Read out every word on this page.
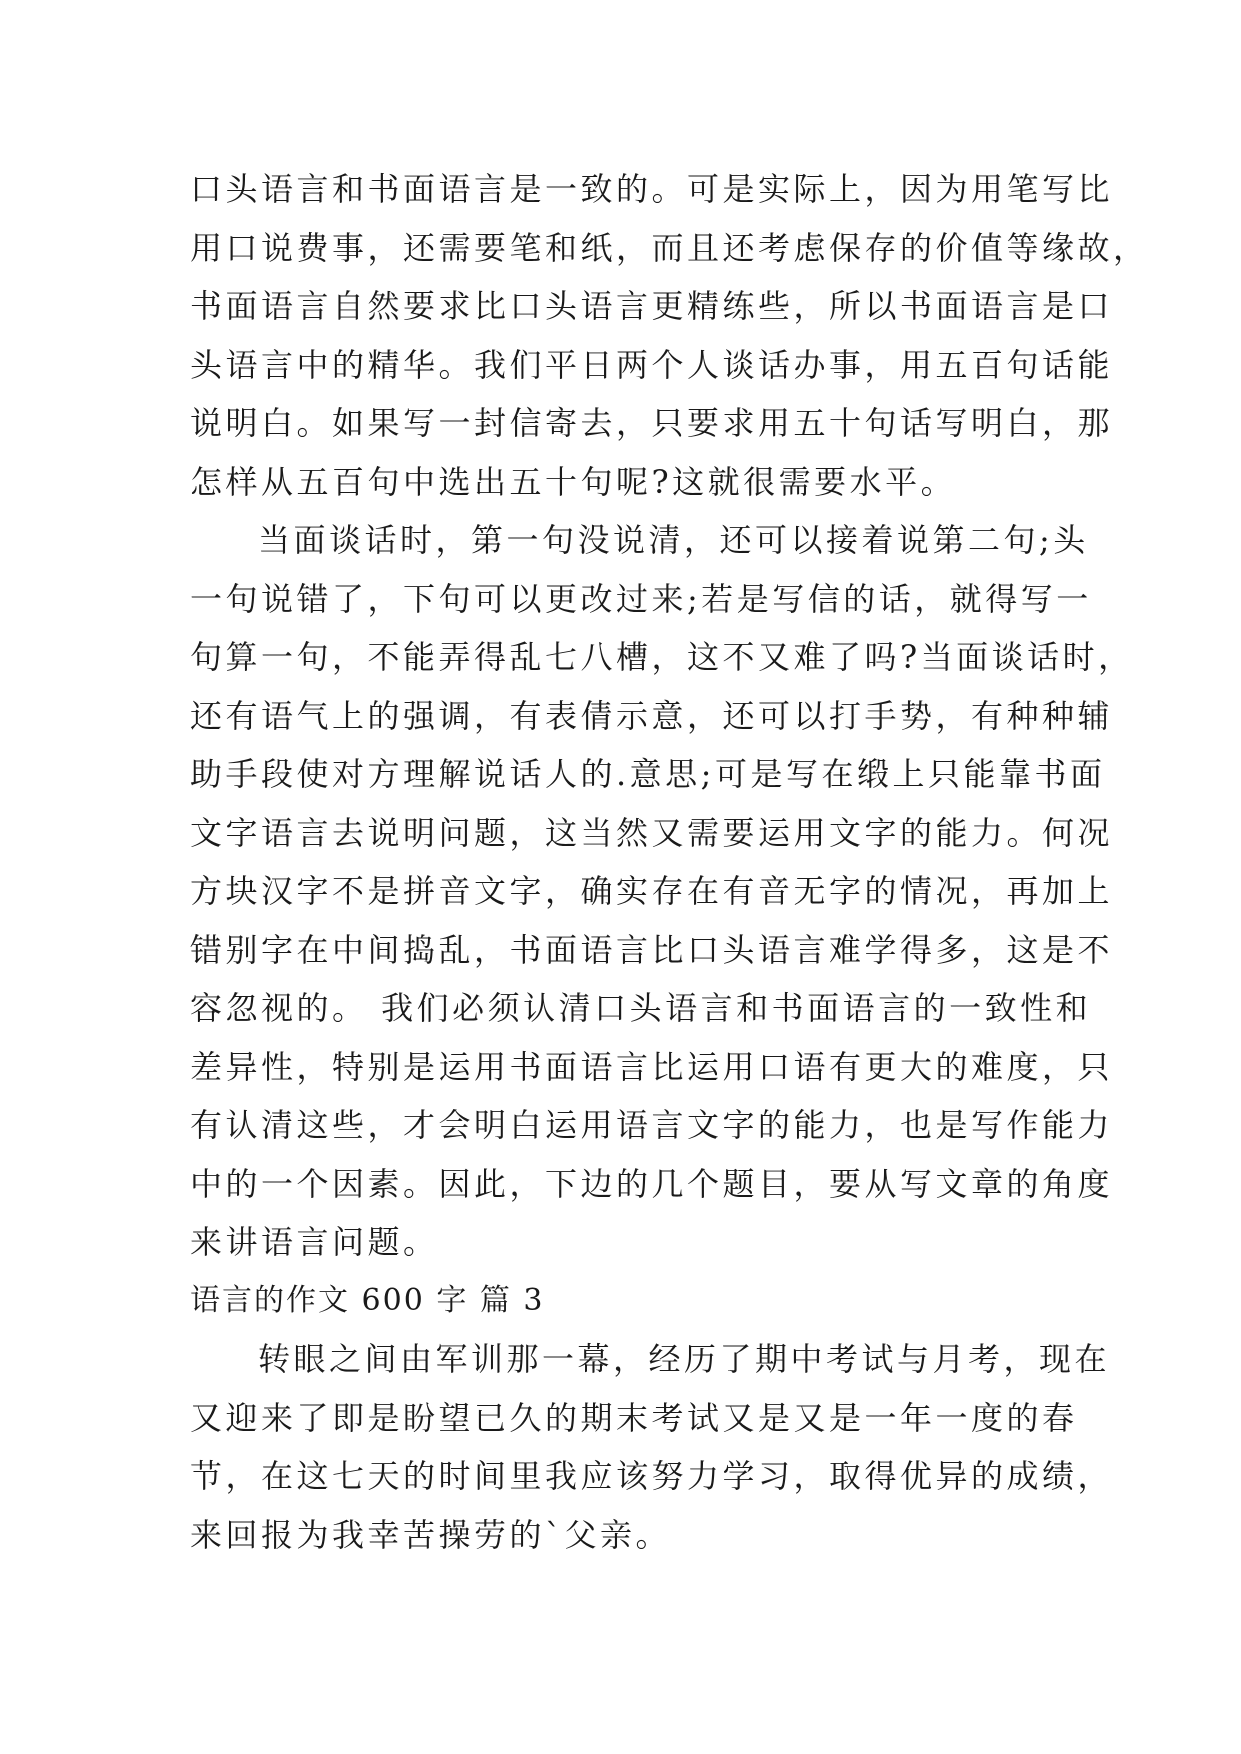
口头语言和书面语言是一致的。可是实际上，因为用笔写比
用口说费事，还需要笔和纸，而且还考虑保存的价值等缘故，
书面语言自然要求比口头语言更精练些，所以书面语言是口
头语言中的精华。我们平日两个人谈话办事，用五百句话能
说明白。如果写一封信寄去，只要求用五十句话写明白，那
怎样从五百句中选出五十句呢?这就很需要水平。
当面谈话时，第一句没说清，还可以接着说第二句;头
一句说错了，下句可以更改过来;若是写信的话，就得写一
句算一句，不能弄得乱七八槽，这不又难了吗?当面谈话时，
还有语气上的强调，有表倩示意，还可以打手势，有种种辅
助手段使对方理解说话人的.意思;可是写在缎上只能靠书面
文字语言去说明问题，这当然又需要运用文字的能力。何况
方块汉字不是拼音文字，确实存在有音无字的情况，再加上
错别字在中间捣乱，书面语言比口头语言难学得多，这是不
容忽视的。 我们必须认清口头语言和书面语言的一致性和
差异性，特别是运用书面语言比运用口语有更大的难度，只
有认清这些，才会明白运用语言文字的能力，也是写作能力
中的一个因素。因此，下边的几个题目，要从写文章的角度
来讲语言问题。
语言的作文 600 字 篇 3
转眼之间由军训那一幕，经历了期中考试与月考，现在
又迎来了即是盼望已久的期末考试又是又是一年一度的春
节，在这七天的时间里我应该努力学习，取得优异的成绩，
来回报为我幸苦操劳的`父亲。
